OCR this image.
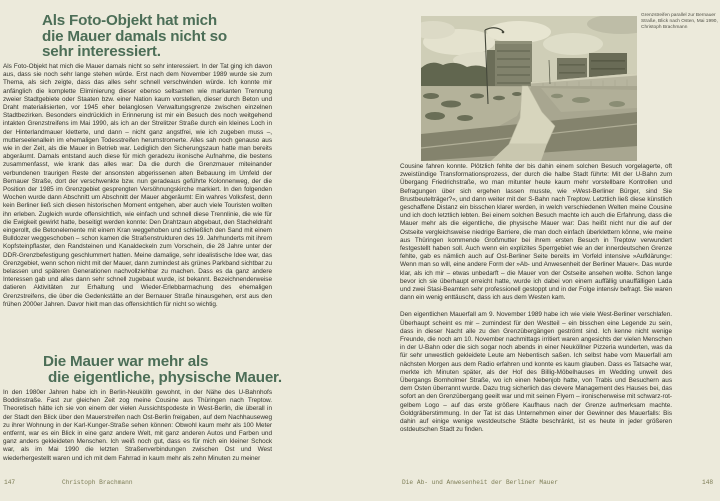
Als Foto-Objekt hat mich
die Mauer damals nicht so
sehr interessiert.
Als Foto-Objekt hat mich die Mauer damals nicht so sehr interessiert. In der Tat ging ich davon aus, dass sie noch sehr lange stehen würde. Erst nach dem November 1989 wurde sie zum Thema, als sich zeigte, dass das alles sehr schnell verschwinden würde. Ich konnte mir anfänglich die komplette Eliminierung dieser ebenso seltsamen wie markanten Trennung zweier Stadtgebiete oder Staaten bzw. einer Nation kaum vorstellen, dieser durch Beton und Draht materialisierten, vor 1945 eher belanglosen Verwaltungsgrenze zwischen einzelnen Stadtbezirken. Besonders eindrücklich in Erinnerung ist mir ein Besuch des noch weitgehend intakten Grenzstreifens im Mai 1990, als ich an der Strelitzer Straße durch ein kleines Loch in der Hinterlandmauer kletterte, und dann – nicht ganz angstfrei, wie ich zugeben muss –, mutterseelenallein im ehemaligen Todesstreifen herumstromerte. Alles sah noch genauso aus wie in der Zeit, als die Mauer in Betrieb war. Lediglich den Sicherungszaun hatte man bereits abgeräumt. Damals entstand auch diese für mich geradezu ikonische Aufnahme, die bestens zusammenfasst, wie krank das alles war: Da die durch die Grenzmauer miteinander verbundenen traurigen Reste der ansonsten abgerissenen alten Bebauung im Umfeld der Bernauer Straße, dort der verschwenkte bzw. nun geradeaus geführte Kolonnenweg, der die Position der 1985 im Grenzgebiet gesprengten Versöhnungskirche markiert. In den folgenden Wochen wurde dann Abschnitt um Abschnitt der Mauer abgeräumt: Ein wahres Volksfest, denn kein Berliner ließ sich diesen historischen Moment entgehen, aber auch viele Touristen wollten ihn erleben. Zugleich wurde offensichtlich, wie einfach und schnell diese Trennlinie, die wie für die Ewigkeit gewirkt hatte, beseitigt werden konnte: Den Drahtzaun abgebaut, den Stacheldraht eingerollt, die Betonelemente mit einem Kran weggehoben und schließlich den Sand mit einem Bulldozer weggeschoben – schon kamen die Straßenstrukturen des 19. Jahrhunderts mit ihrem Kopfsteinpflaster, den Randsteinen und Kanaldeckeln zum Vorschein, die 28 Jahre unter der DDR-Grenzbefestigung geschlummert hatten. Meine damalige, sehr idealistische Idee war, das Grenzgebiet, wenn schon nicht mit der Mauer, dann zumindest als grünes Parkband sichtbar zu belassen und späteren Generationen nachvollziehbar zu machen. Dass es da ganz andere Interessen gab und alles dann sehr schnell zugebaut wurde, ist bekannt. Bezeichnenderweise datieren Aktivitäten zur Erhaltung und Wieder-Erlebbarmachung des ehemaligen Grenzstreifens, die über die Gedenkstätte an der Bernauer Straße hinausgehen, erst aus den frühen 2000er Jahren. Davor hielt man das offensichtlich für nicht so wichtig.
Die Mauer war mehr als
die eigentliche, physische Mauer.
In den 1980er Jahren habe ich in Berlin-Neukölln gewohnt, in der Nähe des U-Bahnhofs Boddinstraße. Fast zur gleichen Zeit zog meine Cousine aus Thüringen nach Treptow. Theoretisch hätte ich sie von einem der vielen Aussichtspodeste in West-Berlin, die überall in der Stadt den Blick über den Mauerstreifen nach Ost-Berlin freigaben, auf dem Nachhauseweg zu ihrer Wohnung in der Karl-Kunger-Straße sehen können: Obwohl kaum mehr als 100 Meter entfernt, war es ein Blick in eine ganz andere Welt, mit ganz anderen Autos und Farben und ganz anders gekleideten Menschen. Ich weiß noch gut, dass es für mich ein kleiner Schock war, als im Mai 1990 die letzten Straßenverbindungen zwischen Ost und West wiederhergestellt waren und ich mit dem Fahrrad in kaum mehr als zehn Minuten zu meiner
147	Christoph Brachmann
Grenzstreifen parallel zur Bernauer
Straße, Blick nach Osten, Mai 1990,
Christoph Brachmann

Cousine fahren konnte. Plötzlich fehlte der bis dahin einem solchen Besuch vorgelagerte, oft zweistündige Transformationsprozess, der durch die halbe Stadt führte: Mit der U-Bahn zum Übergang Friedrichstraße, wo man mitunter heute kaum mehr vorstellbare Kontrollen und Befragungen über sich ergehen lassen musste, wie »West-Berliner Bürger, sind Sie Brustbeutelträger?«, und dann weiter mit der S-Bahn nach Treptow. Letztlich ließ diese künstlich geschaffene Distanz ein bisschen klarer werden, in welch verschiedenen Welten meine Cousine und ich doch letztlich lebten. Bei einem solchen Besuch machte ich auch die Erfahrung, dass die Mauer mehr als die eigentliche, die physische Mauer war: Das heißt nicht nur die auf der Ostseite vergleichsweise niedrige Barriere, die man doch einfach überklettern könne, wie meine aus Thüringen kommende Großmutter bei ihrem ersten Besuch in Treptow verwundert festgestellt haben soll. Auch wenn ein explizites Sperrgebiet wie an der innerdeutschen Grenze fehlte, gab es nämlich auch auf Ost-Berliner Seite bereits im Vorfeld intensive »Aufklärung«: Wenn man so will, eine andere Form der »Ab- und Anwesenheit der Berliner Mauer«. Das wurde klar, als ich mir – etwas unbedarft – die Mauer von der Ostseite ansehen wollte. Schon lange bevor ich sie überhaupt erreicht hatte, wurde ich dabei von einem auffällig unauffälligen Lada und zwei Stasi-Beamten sehr professionell gestoppt und in der Folge intensiv befragt. Sie waren dann ein wenig enttäuscht, dass ich aus dem Westen kam.

Den eigentlichen Mauerfall am 9. November 1989 habe ich wie viele West-Berliner verschlafen. Überhaupt scheint es mir – zumindest für den Westteil – ein bisschen eine Legende zu sein, dass in dieser Nacht alle zu den Grenzübergängen geströmt sind. Ich kenne nicht wenige Freunde, die noch am 10. November nachmittags irritiert waren angesichts der vielen Menschen in der U-Bahn oder die sich sogar noch abends in einer Neuköllner Pizzeria wunderten, was da für sehr unwestlich gekleidete Leute am Nebentisch saßen. Ich selbst habe vom Mauerfall am nächsten Morgen aus dem Radio erfahren und konnte es kaum glauben. Dass es Tatsache war, merkte ich Minuten später, als der Hof des Billig-Möbelhauses im Wedding unweit des Übergangs Bornholmer Straße, wo ich einen Nebenjob hatte, von Trabis und Besuchern aus dem Osten überrannt wurde. Dazu trug sicherlich das clevere Management des Hauses bei, das sofort an den Grenzübergang geeilt war und mit seinen Flyern – ironischerweise mit schwarz-rot-gelbem Logo – auf das erste größere Kaufhaus nach der Grenze aufmerksam machte. Goldgräberstimmung. In der Tat ist das Unternehmen einer der Gewinner des Mauerfalls: Bis dahin auf einige wenige westdeutsche Städte beschränkt, ist es heute in jeder größeren ostdeutschen Stadt zu finden.

Die Ab- und Anwesenheit der Berliner Mauer	148
